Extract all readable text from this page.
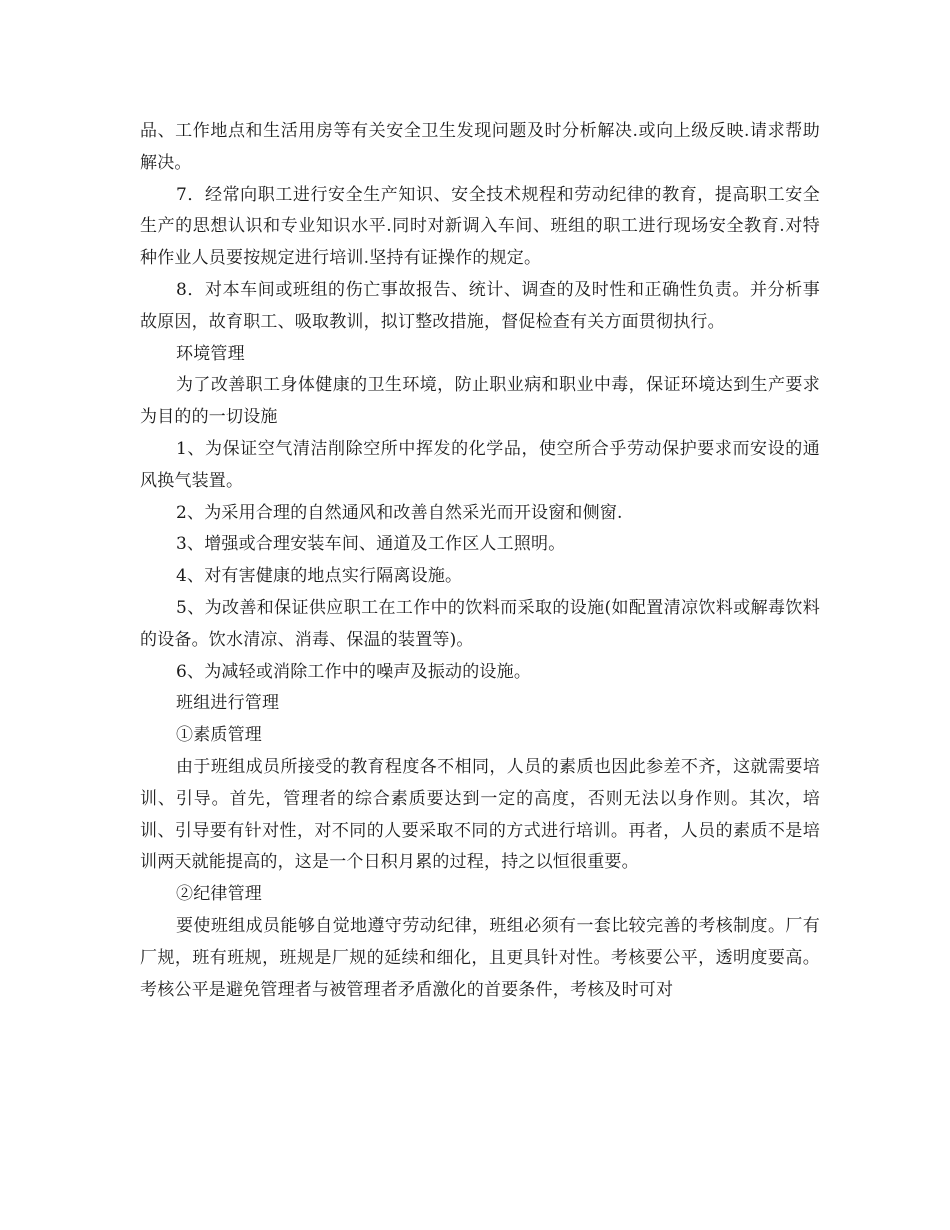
品、工作地点和生活用房等有关安全卫生发现问题及时分析解决.或向上级反映.请求帮助解决。

7．经常向职工进行安全生产知识、安全技术规程和劳动纪律的教育，提高职工安全生产的思想认识和专业知识水平.同时对新调入车间、班组的职工进行现场安全教育.对特种作业人员要按规定进行培训.坚持有证操作的规定。

8．对本车间或班组的伤亡事故报告、统计、调查的及时性和正确性负责。并分析事故原因，故育职工、吸取教训，拟订整改措施，督促检查有关方面贯彻执行。

环境管理

为了改善职工身体健康的卫生环境，防止职业病和职业中毒，保证环境达到生产要求为目的的一切设施

1、为保证空气清洁削除空所中挥发的化学品，使空所合乎劳动保护要求而安设的通风换气装置。

2、为采用合理的自然通风和改善自然采光而开设窗和侧窗.

3、增强或合理安装车间、通道及工作区人工照明。

4、对有害健康的地点实行隔离设施。

5、为改善和保证供应职工在工作中的饮料而采取的设施(如配置清凉饮料或解毒饮料的设备。饮水清凉、消毒、保温的装置等)。

6、为减轻或消除工作中的噪声及振动的设施。

班组进行管理

①素质管理

由于班组成员所接受的教育程度各不相同，人员的素质也因此参差不齐，这就需要培训、引导。首先，管理者的综合素质要达到一定的高度，否则无法以身作则。其次，培训、引导要有针对性，对不同的人要采取不同的方式进行培训。再者，人员的素质不是培训两天就能提高的，这是一个日积月累的过程，持之以恒很重要。

②纪律管理

要使班组成员能够自觉地遵守劳动纪律，班组必须有一套比较完善的考核制度。厂有厂规，班有班规，班规是厂规的延续和细化，且更具针对性。考核要公平，透明度要高。考核公平是避免管理者与被管理者矛盾激化的首要条件，考核及时可对
